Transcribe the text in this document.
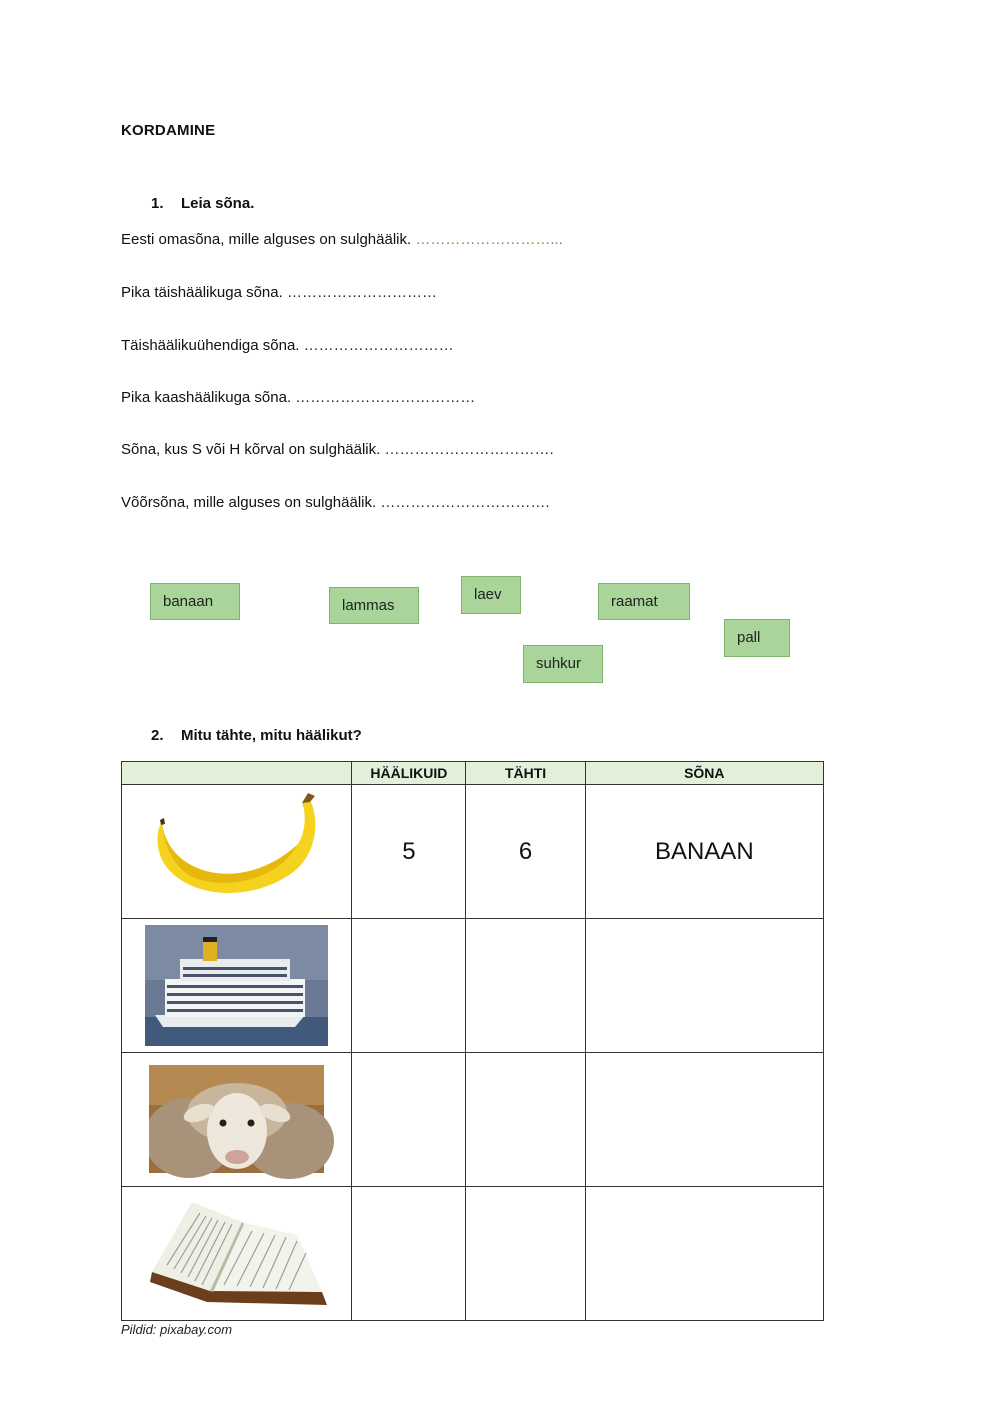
KORDAMINE
1. Leia sõna.
Eesti omasõna, mille alguses on sulghäälik. ………………………...
Pika täishäälikuga sõna. …………………………
Täishäälikuühendiga sõna. …………………………
Pika kaashäälikuga sõna. ………………………………
Sõna, kus S või H kõrval on sulghäälik. …………………………….
Võõrsõna, mille alguses on sulghäälik. …………………………….
banaan	lammas
laev	raamat
suhkur
pall
2. Mitu tähte, mitu häälikut?
	HÄÄLIKUID	TÄHTI	SÕNA

	5	6	BANAAN

Pildid: pixabay.com
